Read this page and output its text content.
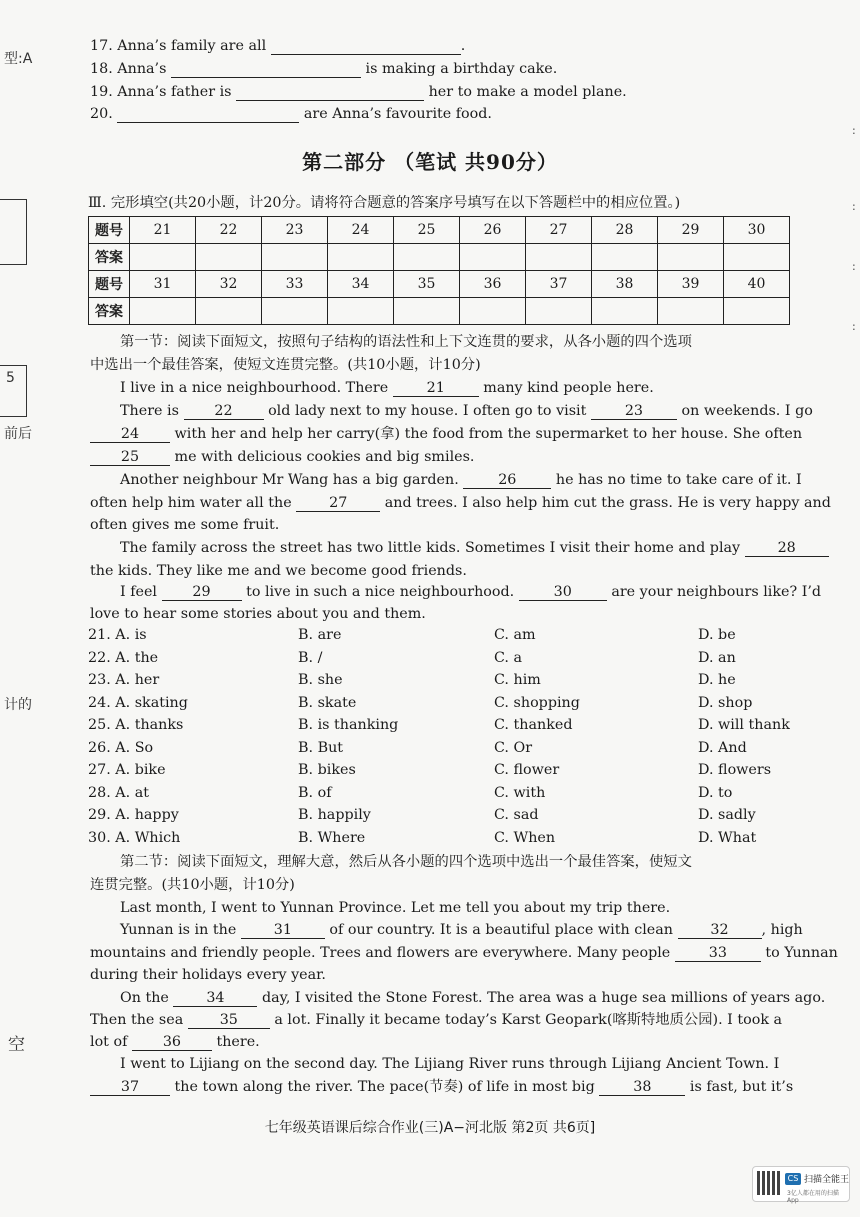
型:A
5
前后
计的
空
:
:
:
:
17. Anna’s family are all	.
18. Anna’s	is making a birthday cake.
19. Anna’s father is	her to make a model plane.
20.	are Anna’s favourite food.
第二部分 （笔试 共90分）
Ⅲ. 完形填空(共20小题，计20分。请将符合题意的答案序号填写在以下答题栏中的相应位置。)
题号	21	22	23	24	25	26	27	28	29	30
答案										
题号	31	32	33	34	35	36	37	38	39	40
答案										
第一节：阅读下面短文，按照句子结构的语法性和上下文连贯的要求，从各小题的四个选项
中选出一个最佳答案，使短文连贯完整。(共10小题，计10分)
I live in a nice neighbourhood. There	21	many kind people here.
There is 22 old lady next to my house. I often go to visit	23	on weekends. I go
24 with her and help her carry(拿) the food from the supermarket to her house. She often
25 me with delicious cookies and big smiles.
Another neighbour Mr Wang has a big garden.	26	he has no time to take care of it. I
often help him water all the	27	and trees. I also help him cut the grass. He is very happy and
often gives me some fruit.
The family across the street has two little kids. Sometimes I visit their home and play	28
the kids. They like me and we become good friends.
I feel 29 to live in such a nice neighbourhood.	30	are your neighbours like? I’d
love to hear some stories about you and them.
21. A. is	B. are	C. am	D. be
22. A. the	B. /	C. a	D. an
23. A. her	B. she	C. him	D. he
24. A. skating	B. skate	C. shopping	D. shop
25. A. thanks	B. is thanking	C. thanked	D. will thank
26. A. So	B. But	C. Or	D. And
27. A. bike	B. bikes	C. flower	D. flowers
28. A. at	B. of	C. with	D. to
29. A. happy	B. happily	C. sad	D. sadly
30. A. Which	B. Where	C. When	D. What
第二节：阅读下面短文，理解大意，然后从各小题的四个选项中选出一个最佳答案，使短文
连贯完整。(共10小题，计10分)
Last month, I went to Yunnan Province. Let me tell you about my trip there.
Yunnan is in the	31	of our country. It is a beautiful place with clean	32 , high
mountains and friendly people. Trees and flowers are everywhere. Many people	33	to Yunnan
during their holidays every year.
On the	34	day, I visited the Stone Forest. The area was a huge sea millions of years ago.
Then the sea	35	a lot. Finally it became today’s Karst Geopark(喀斯特地质公园). I took a
lot of 36 there.
I went to Lijiang on the second day. The Lijiang River runs through Lijiang Ancient Town. I
37 the town along the river. The pace(节奏) of life in most big	38	is fast, but it’s
七年级英语课后综合作业(三)A−河北版 第2页 共6页]
CS 扫描全能王
3亿人都在用的扫描App
